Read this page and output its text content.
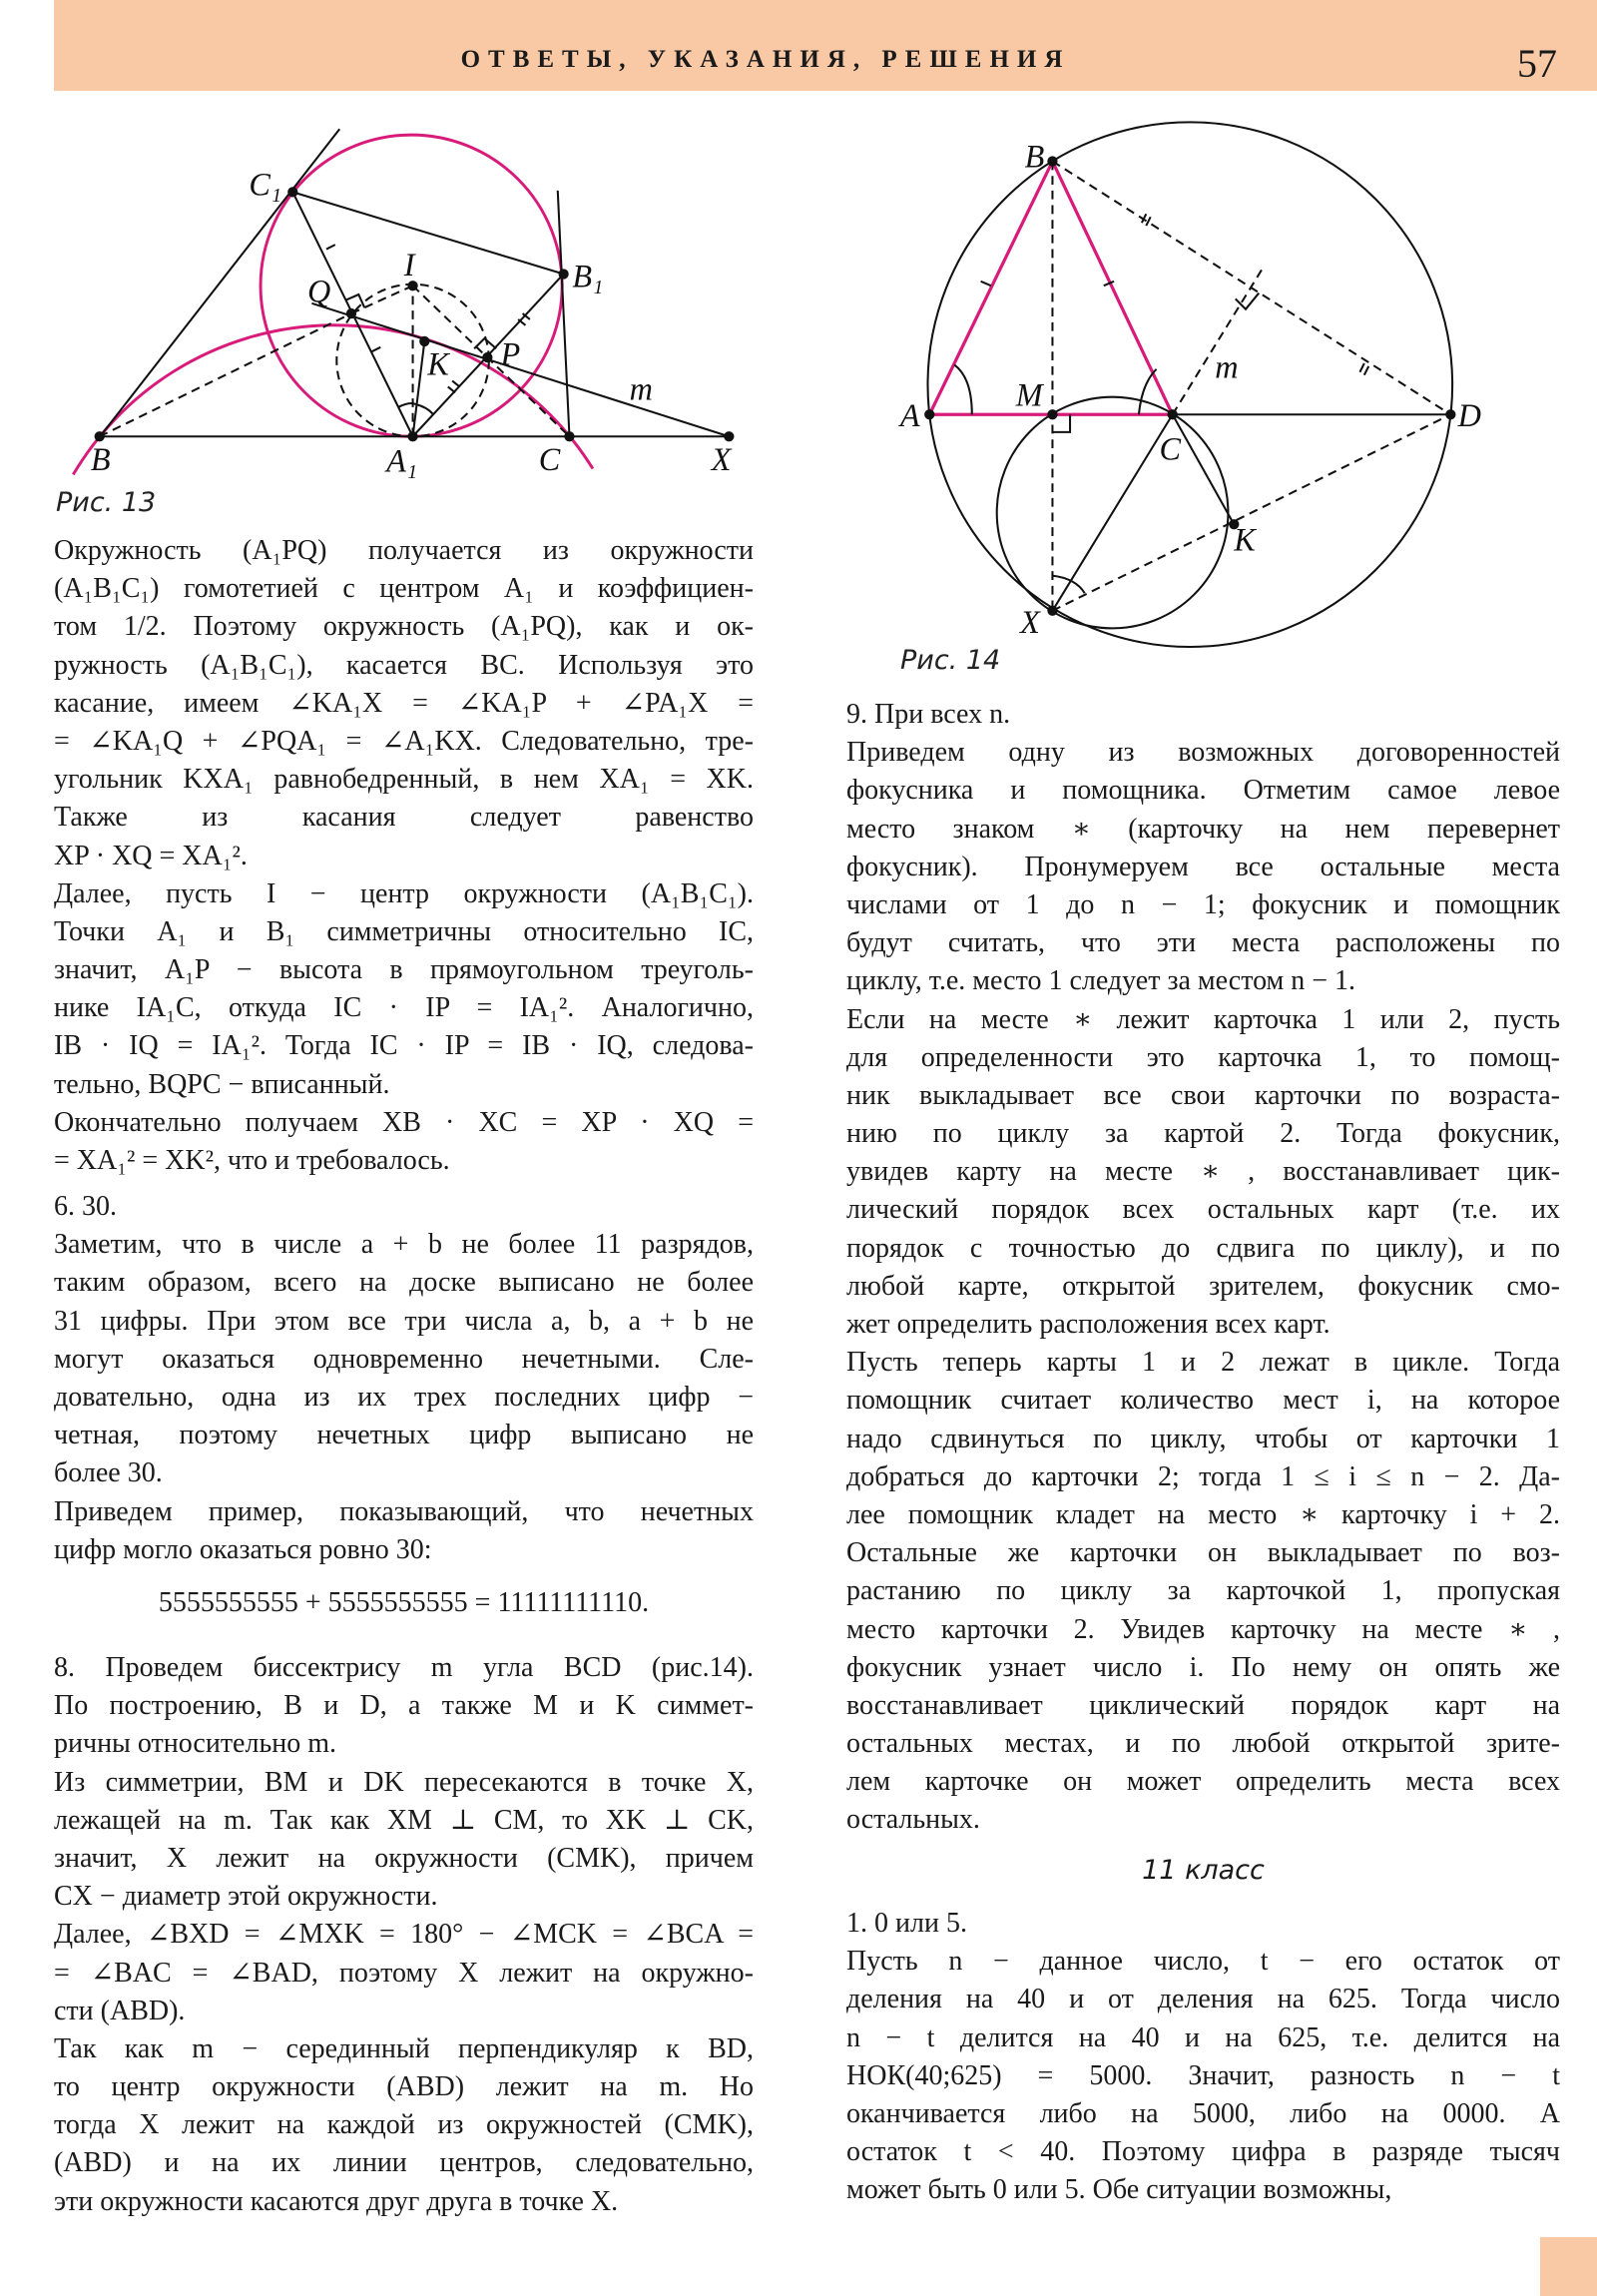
ОТВЕТЫ, УКАЗАНИЯ, РЕШЕНИЯ	57
C₁
B₁
I
Q
K P
m
B	A₁	C	X
B
A
M
C
D
K
X
m
Рис. 13
Рис. 14
Окружность (A₁PQ) получается из окружности
(A₁B₁C₁) гомотетией с центром A₁ и коэффициен-
том 1/2. Поэтому окружность (A₁PQ), как и ок-
ружность (A₁B₁C₁), касается BC. Используя это
касание, имеем ∠KA₁X = ∠KA₁P + ∠PA₁X =
= ∠KA₁Q + ∠PQA₁ = ∠A₁KX. Следовательно, тре-
угольник KXA₁ равнобедренный, в нем XA₁ = XK.
Также из касания следует равенство
XP · XQ = XA₁².
Далее, пусть I − центр окружности (A₁B₁C₁).
Точки A₁ и B₁ симметричны относительно IC,
значит, A₁P − высота в прямоугольном треуголь-
нике IA₁C, откуда IC · IP = IA₁². Аналогично,
IB · IQ = IA₁². Тогда IC · IP = IB · IQ, следова-
тельно, BQPC − вписанный.
Окончательно получаем XB · XC = XP · XQ =
= XA₁² = XK², что и требовалось.
6. 30.
Заметим, что в числе a + b не более 11 разрядов,
таким образом, всего на доске выписано не более
31 цифры. При этом все три числа a, b, a + b не
могут оказаться одновременно нечетными. Сле-
довательно, одна из их трех последних цифр −
четная, поэтому нечетных цифр выписано не
более 30.
Приведем пример, показывающий, что нечетных
цифр могло оказаться ровно 30:
5555555555 + 5555555555 = 11111111110.
8. Проведем биссектрису m угла BCD (рис.14).
По построению, B и D, а также M и K симмет-
ричны относительно m.
Из симметрии, BM и DK пересекаются в точке X,
лежащей на m. Так как XM ⊥ CM, то XK ⊥ CK,
значит, X лежит на окружности (CMK), причем
CX − диаметр этой окружности.
Далее, ∠BXD = ∠MXK = 180° − ∠MCK = ∠BCA =
= ∠BAC = ∠BAD, поэтому X лежит на окружно-
сти (ABD).
Так как m − серединный перпендикуляр к BD,
то центр окружности (ABD) лежит на m. Но
тогда X лежит на каждой из окружностей (CMK),
(ABD) и на их линии центров, следовательно,
эти окружности касаются друг друга в точке X.
9. При всех n.
Приведем одну из возможных договоренностей
фокусника и помощника. Отметим самое левое
место знаком ∗ (карточку на нем перевернет
фокусник). Пронумеруем все остальные места
числами от 1 до n − 1; фокусник и помощник
будут считать, что эти места расположены по
циклу, т.е. место 1 следует за местом n − 1.
Если на месте ∗ лежит карточка 1 или 2, пусть
для определенности это карточка 1, то помощ-
ник выкладывает все свои карточки по возраста-
нию по циклу за картой 2. Тогда фокусник,
увидев карту на месте ∗ , восстанавливает цик-
лический порядок всех остальных карт (т.е. их
порядок с точностью до сдвига по циклу), и по
любой карте, открытой зрителем, фокусник смо-
жет определить расположения всех карт.
Пусть теперь карты 1 и 2 лежат в цикле. Тогда
помощник считает количество мест i, на которое
надо сдвинуться по циклу, чтобы от карточки 1
добраться до карточки 2; тогда 1 ≤ i ≤ n − 2. Да-
лее помощник кладет на место ∗ карточку i + 2.
Остальные же карточки он выкладывает по воз-
растанию по циклу за карточкой 1, пропуская
место карточки 2. Увидев карточку на месте ∗ ,
фокусник узнает число i. По нему он опять же
восстанавливает циклический порядок карт на
остальных местах, и по любой открытой зрите-
лем карточке он может определить места всех
остальных.
11 класс
1. 0 или 5.
Пусть n − данное число, t − его остаток от
деления на 40 и от деления на 625. Тогда число
n − t делится на 40 и на 625, т.е. делится на
НОК(40;625) = 5000. Значит, разность n − t
оканчивается либо на 5000, либо на 0000. А
остаток t < 40. Поэтому цифра в разряде тысяч
может быть 0 или 5. Обе ситуации возможны,
